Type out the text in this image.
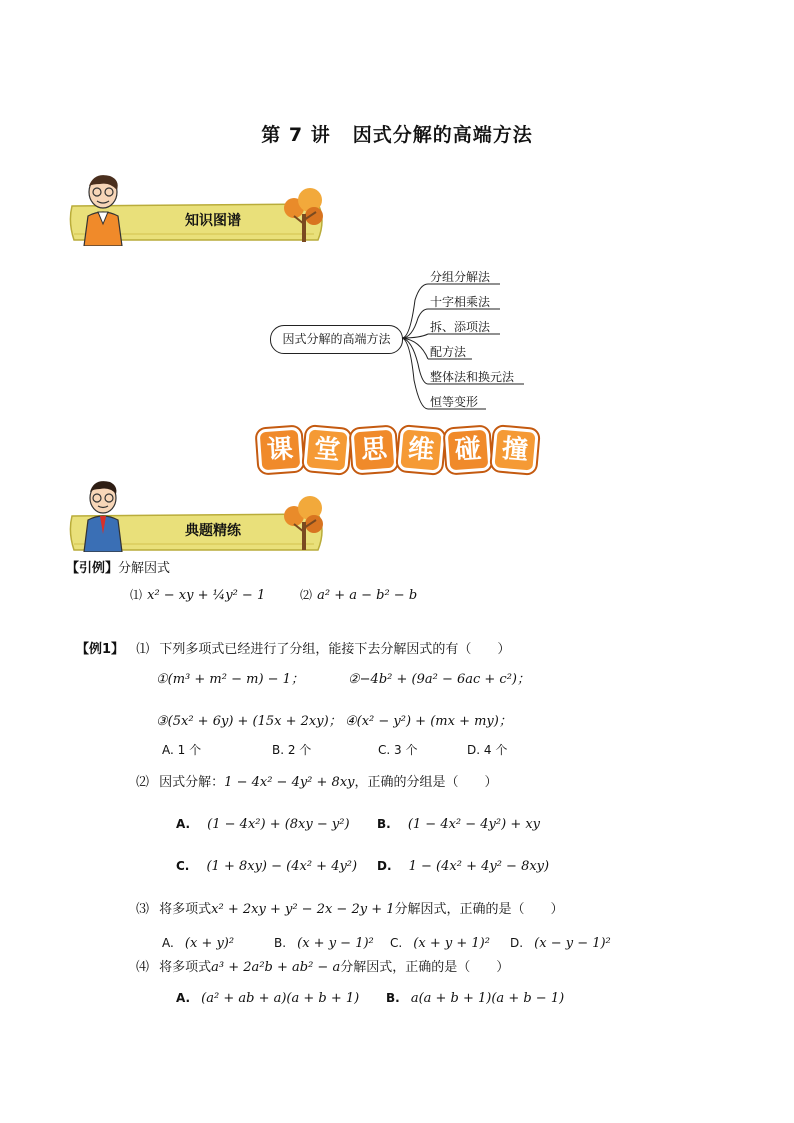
第 7 讲 因式分解的高端方法
知识图谱
因式分解的高端方法
分组分解法
十字相乘法
拆、添项法
配方法
整体法和换元法
恒等变形
课 堂 思 维 碰 撞
典题精练
【引例】分解因式
⑴ x² − xy + ¼y² − 1	⑵ a² + a − b² − b
【例1】 ⑴ 下列多项式已经进行了分组，能接下去分解因式的有（　　）
①(m³ + m² − m) − 1；	②−4b² + (9a² − 6ac + c²)；
③(5x² + 6y) + (15x + 2xy)； ④(x² − y²) + (mx + my)；
A. 1 个	B. 2 个	C. 3 个	D. 4 个
⑵ 因式分解：1 − 4x² − 4y² + 8xy，正确的分组是（　　）
A. (1 − 4x²) + (8xy − y²) B. (1 − 4x² − 4y²) + xy
C. (1 + 8xy) − (4x² + 4y²) D. 1 − (4x² + 4y² − 8xy)
⑶ 将多项式x² + 2xy + y² − 2x − 2y + 1分解因式，正确的是（　　）
A. (x + y)²	B. (x + y − 1)² C. (x + y + 1)² D. (x − y − 1)²
⑷ 将多项式a³ + 2a²b + ab² − a分解因式，正确的是（　　）
A. (a² + ab + a)(a + b + 1) B. a(a + b + 1)(a + b − 1)
